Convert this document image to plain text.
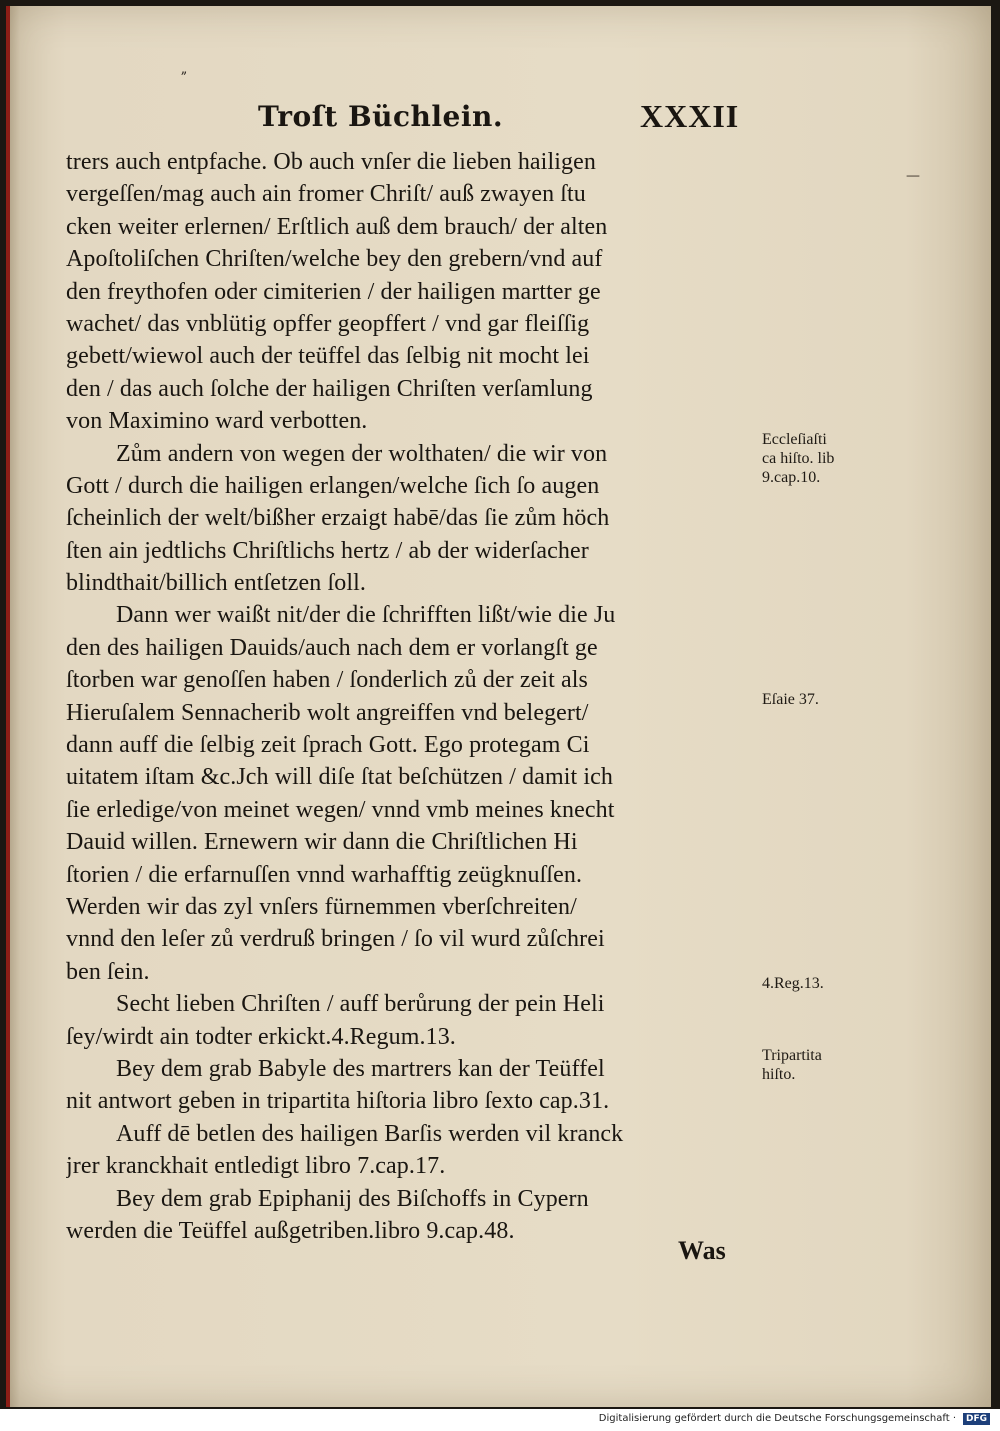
ˮ
Troſt Büchlein.	XXXII
—
trers auch entpfache. Ob auch vnſer die lieben hailigen
vergeſſen/mag auch ain fromer Chriſt/ auß zwayen ſtu
cken weiter erlernen/ Erſtlich auß dem brauch/ der alten
Apoſtoliſchen Chriſten/welche bey den grebern/vnd auf
den freythofen oder cimiterien / der hailigen martter ge
wachet/ das vnblütig opffer geopffert / vnd gar fleiſſig
gebett/wiewol auch der teüffel das ſelbig nit mocht lei
den / das auch ſolche der hailigen Chriſten verſamlung
von Maximino ward verbotten.
Zům andern von wegen der wolthaten/ die wir von
Gott / durch die hailigen erlangen/welche ſich ſo augen
ſcheinlich der welt/bißher erzaigt habē/das ſie zům höch
ſten ain jedtlichs Chriſtlichs hertz / ab der widerſacher
blindthait/billich entſetzen ſoll.
Dann wer waißt nit/der die ſchrifften lißt/wie die Ju
den des hailigen Dauids/auch nach dem er vorlangſt ge
ſtorben war genoſſen haben / ſonderlich zů der zeit als
Hieruſalem Sennacherib wolt angreiffen vnd belegert/
dann auff die ſelbig zeit ſprach Gott. Ego protegam Ci
uitatem iſtam &c.Jch will diſe ſtat beſchützen / damit ich
ſie erledige/von meinet wegen/ vnnd vmb meines knecht
Dauid willen. Ernewern wir dann die Chriſtlichen Hi
ſtorien / die erfarnuſſen vnnd warhafftig zeügknuſſen.
Werden wir das zyl vnſers fürnemmen vberſchreiten/
vnnd den leſer zů verdruß bringen / ſo vil wurd zůſchrei
ben ſein.
Secht lieben Chriſten / auff berůrung der pein Heli
ſey/wirdt ain todter erkickt.4.Regum.13.
Bey dem grab Babyle des martrers kan der Teüffel
nit antwort geben in tripartita hiſtoria libro ſexto cap.31.
Auff dē betlen des hailigen Barſis werden vil kranck
jrer kranckhait entledigt libro 7.cap.17.
Bey dem grab Epiphanij des Biſchoffs in Cypern
werden die Teüffel außgetriben.libro 9.cap.48.
Was
Eccleſiaſti
ca hiſto. lib
9.cap.10.
Eſaie 37.
4.Reg.13.
Tripartita
hiſto.
Digitalisierung gefördert durch die Deutsche Forschungsgemeinschaft ·	DFG
